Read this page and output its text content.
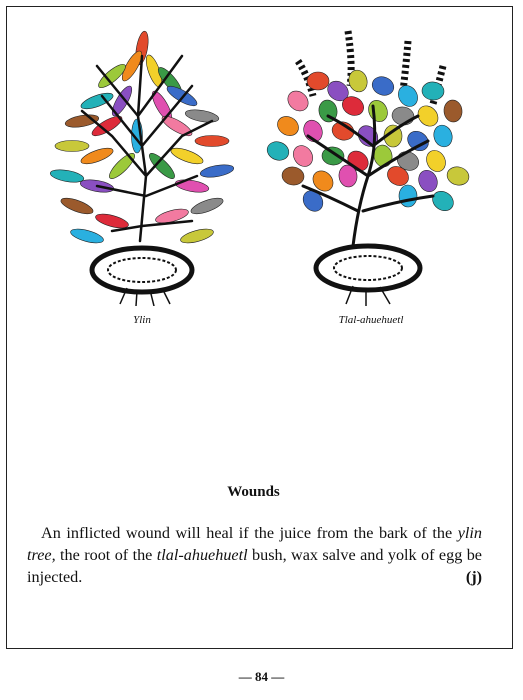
Ylin	Tlal-ahuehuetl
Wounds

An inflicted wound will heal if the juice from the bark of the ylin tree, the root of the tlal-ahuehuetl bush, wax salve and yolk of egg be injected.	(j)

— 84 —
